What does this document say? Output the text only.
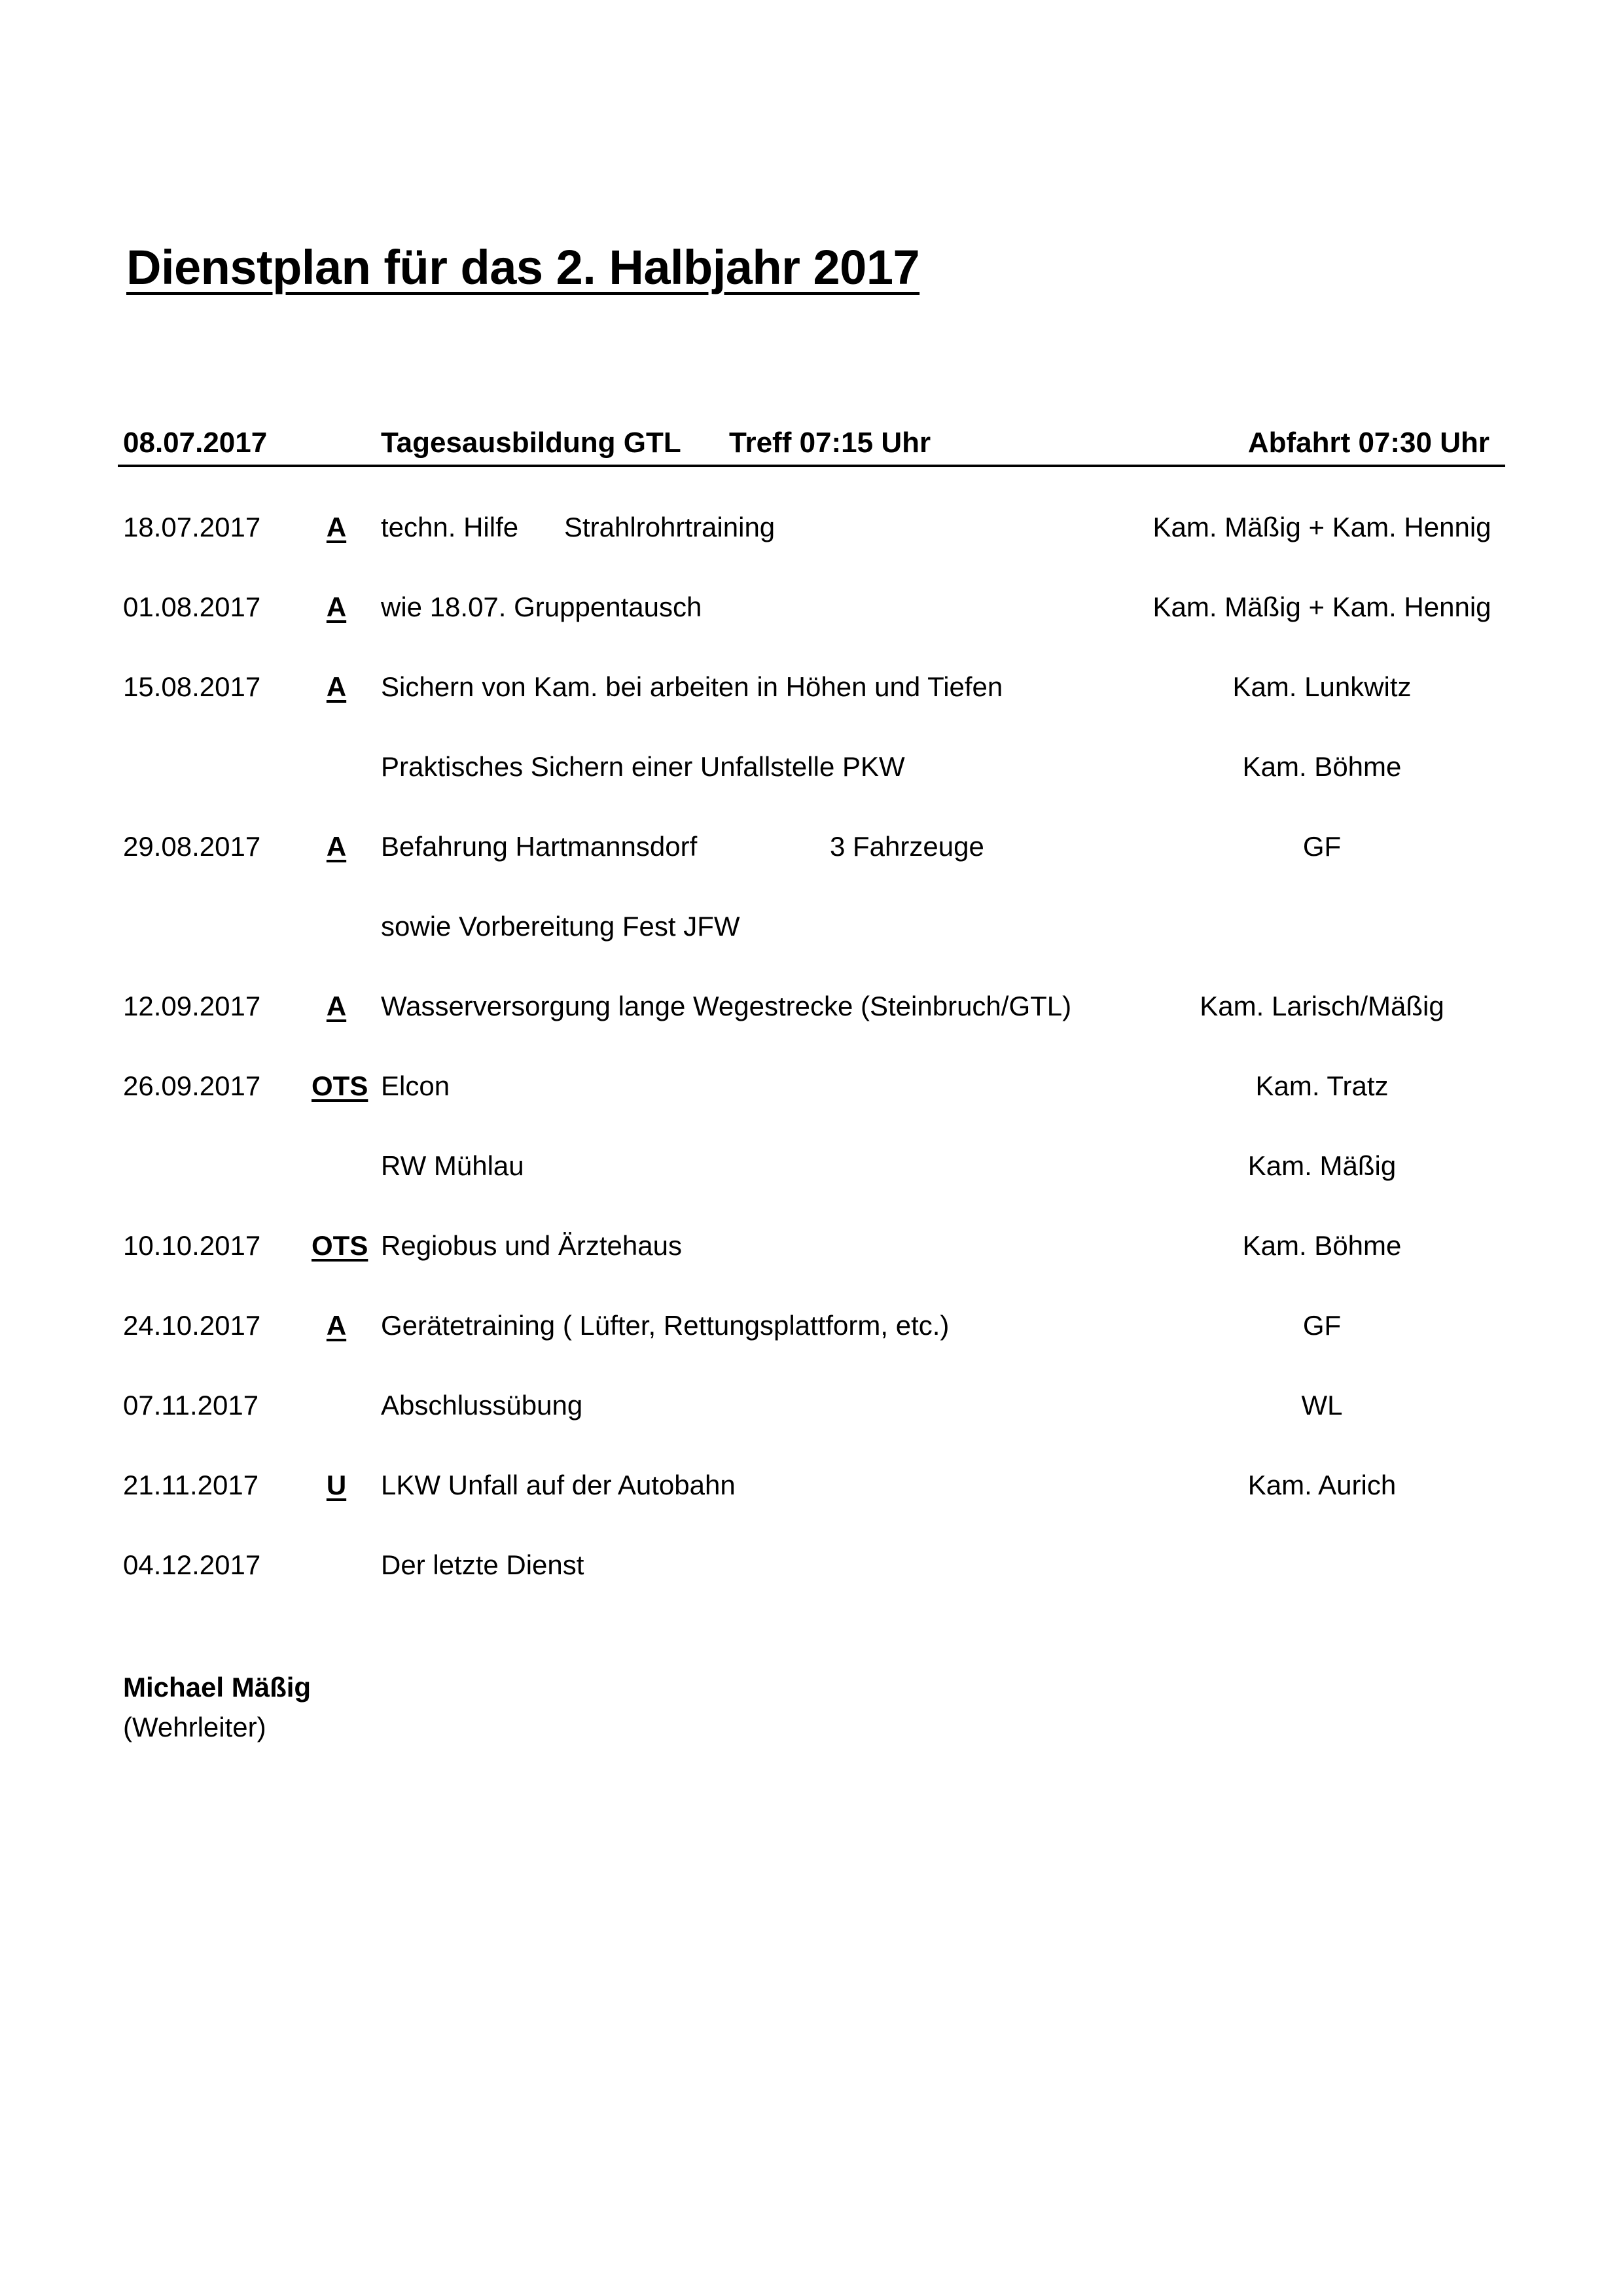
Dienstplan für das 2. Halbjahr 2017
08.07.2017	Tagesausbildung GTL Treff 07:15 Uhr	Abfahrt 07:30 Uhr
18.07.2017	A	techn. Hilfe Strahlrohrtraining	Kam. Mäßig + Kam. Hennig
01.08.2017	A	wie 18.07. Gruppentausch	Kam. Mäßig + Kam. Hennig
15.08.2017	A	Sichern von Kam. bei arbeiten in Höhen und Tiefen	Kam. Lunkwitz
Praktisches Sichern einer Unfallstelle PKW	Kam. Böhme
29.08.2017	A	Befahrung Hartmannsdorf	3 Fahrzeuge	GF
sowie Vorbereitung Fest JFW
12.09.2017	A	Wasserversorgung lange Wegestrecke (Steinbruch/GTL)	Kam. Larisch/Mäßig
26.09.2017 OTS Elcon	Kam. Tratz
RW Mühlau	Kam. Mäßig
10.10.2017 OTS Regiobus und Ärztehaus	Kam. Böhme
24.10.2017	A	Gerätetraining ( Lüfter, Rettungsplattform, etc.)	GF
07.11.2017	Abschlussübung	WL
21.11.2017	U	LKW Unfall auf der Autobahn	Kam. Aurich
04.12.2017	Der letzte Dienst
Michael Mäßig
(Wehrleiter)
